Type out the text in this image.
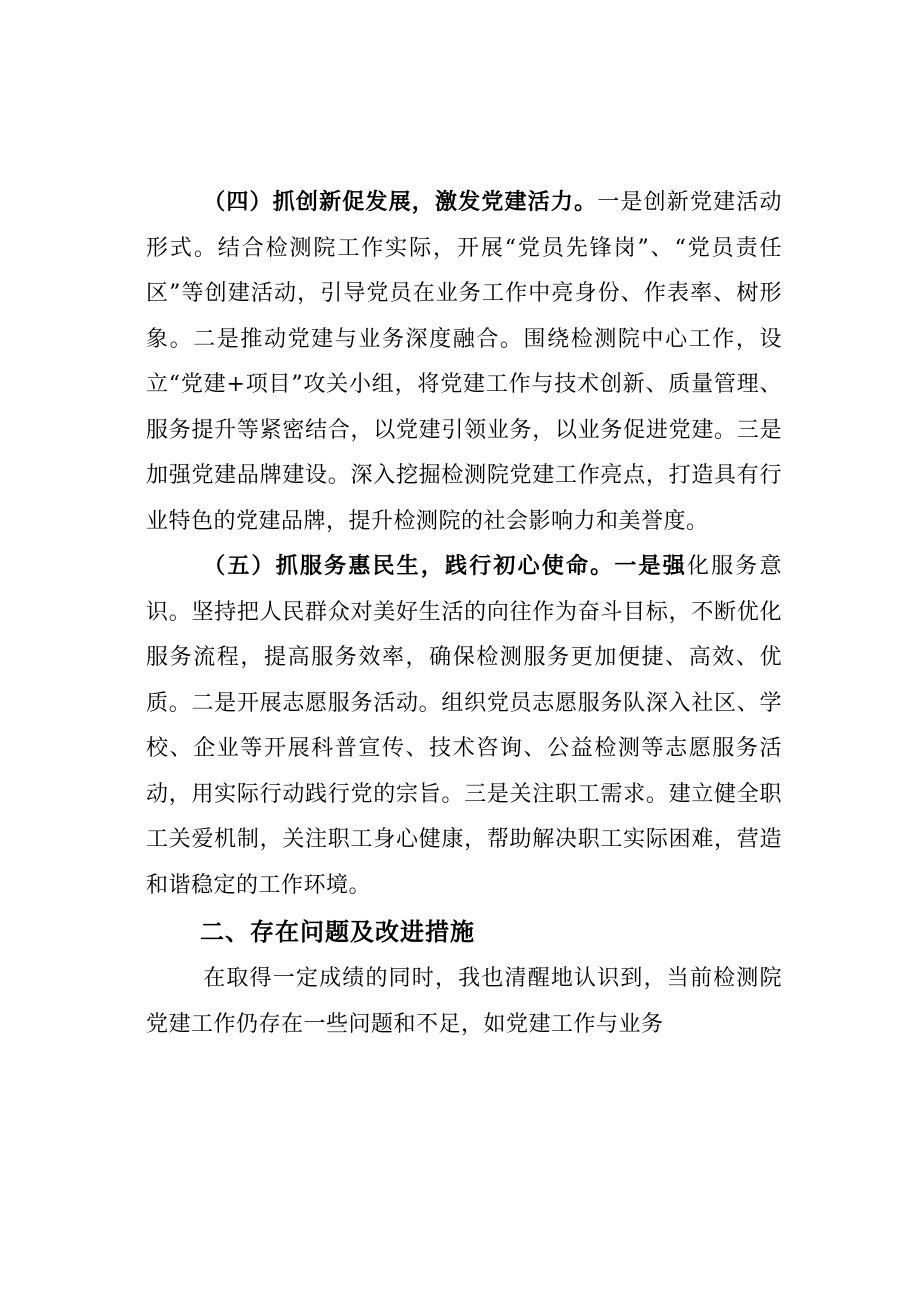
（四）抓创新促发展，激发党建活力。一是创新党建活动形式。结合检测院工作实际，开展“党员先锋岗”、“党员责任区”等创建活动，引导党员在业务工作中亮身份、作表率、树形象。二是推动党建与业务深度融合。围绕检测院中心工作，设立“党建+项目”攻关小组，将党建工作与技术创新、质量管理、服务提升等紧密结合，以党建引领业务，以业务促进党建。三是加强党建品牌建设。深入挖掘检测院党建工作亮点，打造具有行业特色的党建品牌，提升检测院的社会影响力和美誉度。

（五）抓服务惠民生，践行初心使命。一是强化服务意识。坚持把人民群众对美好生活的向往作为奋斗目标，不断优化服务流程，提高服务效率，确保检测服务更加便捷、高效、优质。二是开展志愿服务活动。组织党员志愿服务队深入社区、学校、企业等开展科普宣传、技术咨询、公益检测等志愿服务活动，用实际行动践行党的宗旨。三是关注职工需求。建立健全职工关爱机制，关注职工身心健康，帮助解决职工实际困难，营造和谐稳定的工作环境。

二、存在问题及改进措施

在取得一定成绩的同时，我也清醒地认识到，当前检测院党建工作仍存在一些问题和不足，如党建工作与业务
